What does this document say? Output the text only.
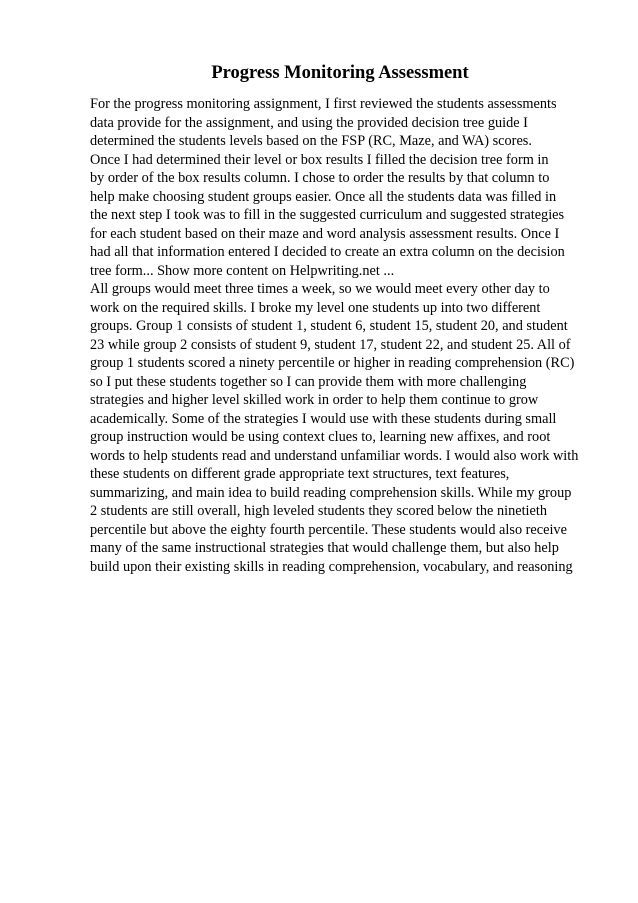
Progress Monitoring Assessment
For the progress monitoring assignment, I first reviewed the students assessments
data provide for the assignment, and using the provided decision tree guide I
determined the students levels based on the FSP (RC, Maze, and WA) scores.
Once I had determined their level or box results I filled the decision tree form in
by order of the box results column. I chose to order the results by that column to
help make choosing student groups easier. Once all the students data was filled in
the next step I took was to fill in the suggested curriculum and suggested strategies
for each student based on their maze and word analysis assessment results. Once I
had all that information entered I decided to create an extra column on the decision
tree form... Show more content on Helpwriting.net ...
All groups would meet three times a week, so we would meet every other day to
work on the required skills. I broke my level one students up into two different
groups. Group 1 consists of student 1, student 6, student 15, student 20, and student
23 while group 2 consists of student 9, student 17, student 22, and student 25. All of
group 1 students scored a ninety percentile or higher in reading comprehension (RC)
so I put these students together so I can provide them with more challenging
strategies and higher level skilled work in order to help them continue to grow
academically. Some of the strategies I would use with these students during small
group instruction would be using context clues to, learning new affixes, and root
words to help students read and understand unfamiliar words. I would also work with
these students on different grade appropriate text structures, text features,
summarizing, and main idea to build reading comprehension skills. While my group
2 students are still overall, high leveled students they scored below the ninetieth
percentile but above the eighty fourth percentile. These students would also receive
many of the same instructional strategies that would challenge them, but also help
build upon their existing skills in reading comprehension, vocabulary, and reasoning
